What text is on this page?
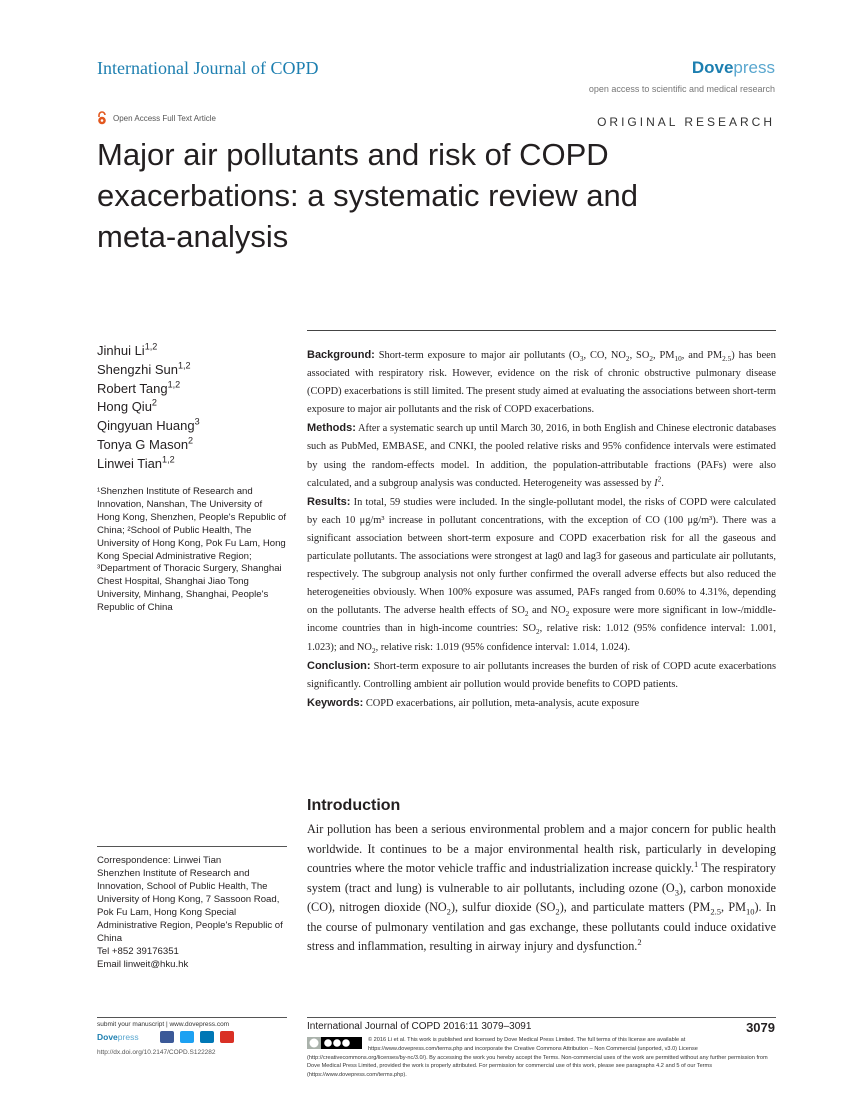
International Journal of COPD	Dovepress
open access to scientific and medical research
Open Access Full Text Article	ORIGINAL RESEARCH
Major air pollutants and risk of COPD exacerbations: a systematic review and meta-analysis
Jinhui Li$^{1,2}$
Shengzhi Sun$^{1,2}$
Robert Tang$^{1,2}$
Hong Qiu$^2$
Qingyuan Huang$^3$
Tonya G Mason$^2$
Linwei Tian$^{1,2}$
¹Shenzhen Institute of Research and Innovation, Nanshan, The University of Hong Kong, Shenzhen, People's Republic of China; ²School of Public Health, The University of Hong Kong, Pok Fu Lam, Hong Kong Special Administrative Region; ³Department of Thoracic Surgery, Shanghai Chest Hospital, Shanghai Jiao Tong University, Minhang, Shanghai, People's Republic of China

Background: Short-term exposure to major air pollutants ($O_3$, CO, $NO_2$, $SO_2$, $PM_{10}$, and $PM_{2.5}$) has been associated with respiratory risk. However, evidence on the risk of chronic obstructive pulmonary disease (COPD) exacerbations is still limited. The present study aimed at evaluating the associations between short-term exposure to major air pollutants and the risk of COPD exacerbations.

Methods: After a systematic search up until March 30, 2016, in both English and Chinese electronic databases such as PubMed, EMBASE, and CNKI, the pooled relative risks and 95% confidence intervals were estimated by using the random-effects model. In addition, the population-attributable fractions (PAFs) were also calculated, and a subgroup analysis was conducted. Heterogeneity was assessed by $I^2$.

Results: In total, 59 studies were included. In the single-pollutant model, the risks of COPD were calculated by each 10 μg/m³ increase in pollutant concentrations, with the exception of CO (100 μg/m³). There was a significant association between short-term exposure and COPD exacerbation risk for all the gaseous and particulate pollutants. The associations were strongest at lag0 and lag3 for gaseous and particulate air pollutants, respectively. The subgroup analysis not only further confirmed the overall adverse effects but also reduced the heterogeneities obviously. When 100% exposure was assumed, PAFs ranged from 0.60% to 4.31%, depending on the pollutants. The adverse health effects of $SO_2$ and $NO_2$ exposure were more significant in low-/middle-income countries than in high-income countries: $SO_2$, relative risk: 1.012 (95% confidence interval: 1.001, 1.023); and $NO_2$, relative risk: 1.019 (95% confidence interval: 1.014, 1.024).

Conclusion: Short-term exposure to air pollutants increases the burden of risk of COPD acute exacerbations significantly. Controlling ambient air pollution would provide benefits to COPD patients.

Keywords: COPD exacerbations, air pollution, meta-analysis, acute exposure

Introduction

Air pollution has been a serious environmental problem and a major concern for public health worldwide. It continues to be a major environmental health risk, particularly in developing countries where the motor vehicle traffic and industrialization increase quickly.$^1$ The respiratory system (tract and lung) is vulnerable to air pollutants, including ozone $(O_3)$, carbon monoxide (CO), nitrogen dioxide $(NO_2)$, sulfur dioxide $(SO_2)$, and particulate matters ($PM_{2.5}$, $PM_{10}$). In the course of pulmonary ventilation and gas exchange, these pollutants could induce oxidative stress and inflammation, resulting in airway injury and dysfunction.$^2$

Correspondence: Linwei Tian
Shenzhen Institute of Research and Innovation, School of Public Health, The University of Hong Kong, 7 Sassoon Road, Pok Fu Lam, Hong Kong Special Administrative Region, People's Republic of China
Tel +852 39176351
Email linweit@hku.hk
submit your manuscript | www.dovepress.com
Dovepress
http://dx.doi.org/10.2147/COPD.S122282
International Journal of COPD 2016:11 3079–3091	3079
© 2016 Li et al. This work is published and licensed by Dove Medical Press Limited. The full terms of this license are available at https://www.dovepress.com/terms.php and incorporate the Creative Commons Attribution – Non Commercial (unported, v3.0) License (http://creativecommons.org/licenses/by-nc/3.0/). By accessing the work you hereby accept the Terms. Non-commercial uses of the work are permitted without any further permission from Dove Medical Press Limited, provided the work is properly attributed. For permission for commercial use of this work, please see paragraphs 4.2 and 5 of our Terms (https://www.dovepress.com/terms.php).
